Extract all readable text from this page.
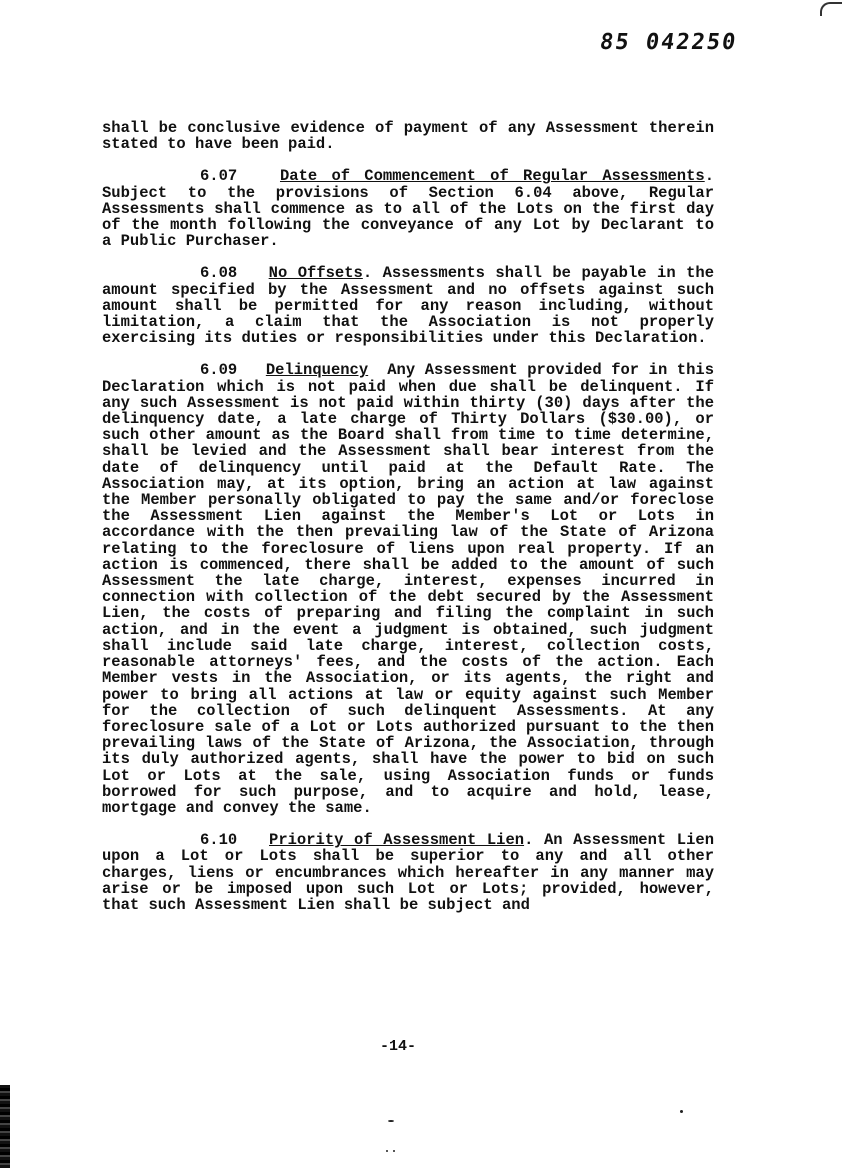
85 042250

shall be conclusive evidence of payment of any Assessment therein stated to have been paid.

6.07	Date of Commencement of Regular Assessments. Subject to the provisions of Section 6.04 above, Regular Assessments shall commence as to all of the Lots on the first day of the month following the conveyance of any Lot by Declarant to a Public Purchaser.

6.08 No Offsets. Assessments shall be payable in the amount specified by the Assessment and no offsets against such amount shall be permitted for any reason including, without limitation, a claim that the Association is not properly exercising its duties or responsibilities under this Declaration.

6.09 Delinquency Any Assessment provided for in this Declaration which is not paid when due shall be delinquent. If any such Assessment is not paid within thirty (30) days after the delinquency date, a late charge of Thirty Dollars ($30.00), or such other amount as the Board shall from time to time determine, shall be levied and the Assessment shall bear interest from the date of delinquency until paid at the Default Rate. The Association may, at its option, bring an action at law against the Member personally obligated to pay the same and/or foreclose the Assessment Lien against the Member's Lot or Lots in accordance with the then prevailing law of the State of Arizona relating to the foreclosure of liens upon real property. If an action is commenced, there shall be added to the amount of such Assessment the late charge, interest, expenses incurred in connection with collection of the debt secured by the Assessment Lien, the costs of preparing and filing the complaint in such action, and in the event a judgment is obtained, such judgment shall include said late charge, interest, collection costs, reasonable attorneys' fees, and the costs of the action. Each Member vests in the Association, or its agents, the right and power to bring all actions at law or equity against such Member for the collection of such delinquent Assessments. At any foreclosure sale of a Lot or Lots authorized pursuant to the then prevailing laws of the State of Arizona, the Association, through its duly authorized agents, shall have the power to bid on such Lot or Lots at the sale, using Association funds or funds borrowed for such purpose, and to acquire and hold, lease, mortgage and convey the same.

6.10 Priority of Assessment Lien. An Assessment Lien upon a Lot or Lots shall be superior to any and all other charges, liens or encumbrances which hereafter in any manner may arise or be imposed upon such Lot or Lots; provided, however, that such Assessment Lien shall be subject and

-14-
